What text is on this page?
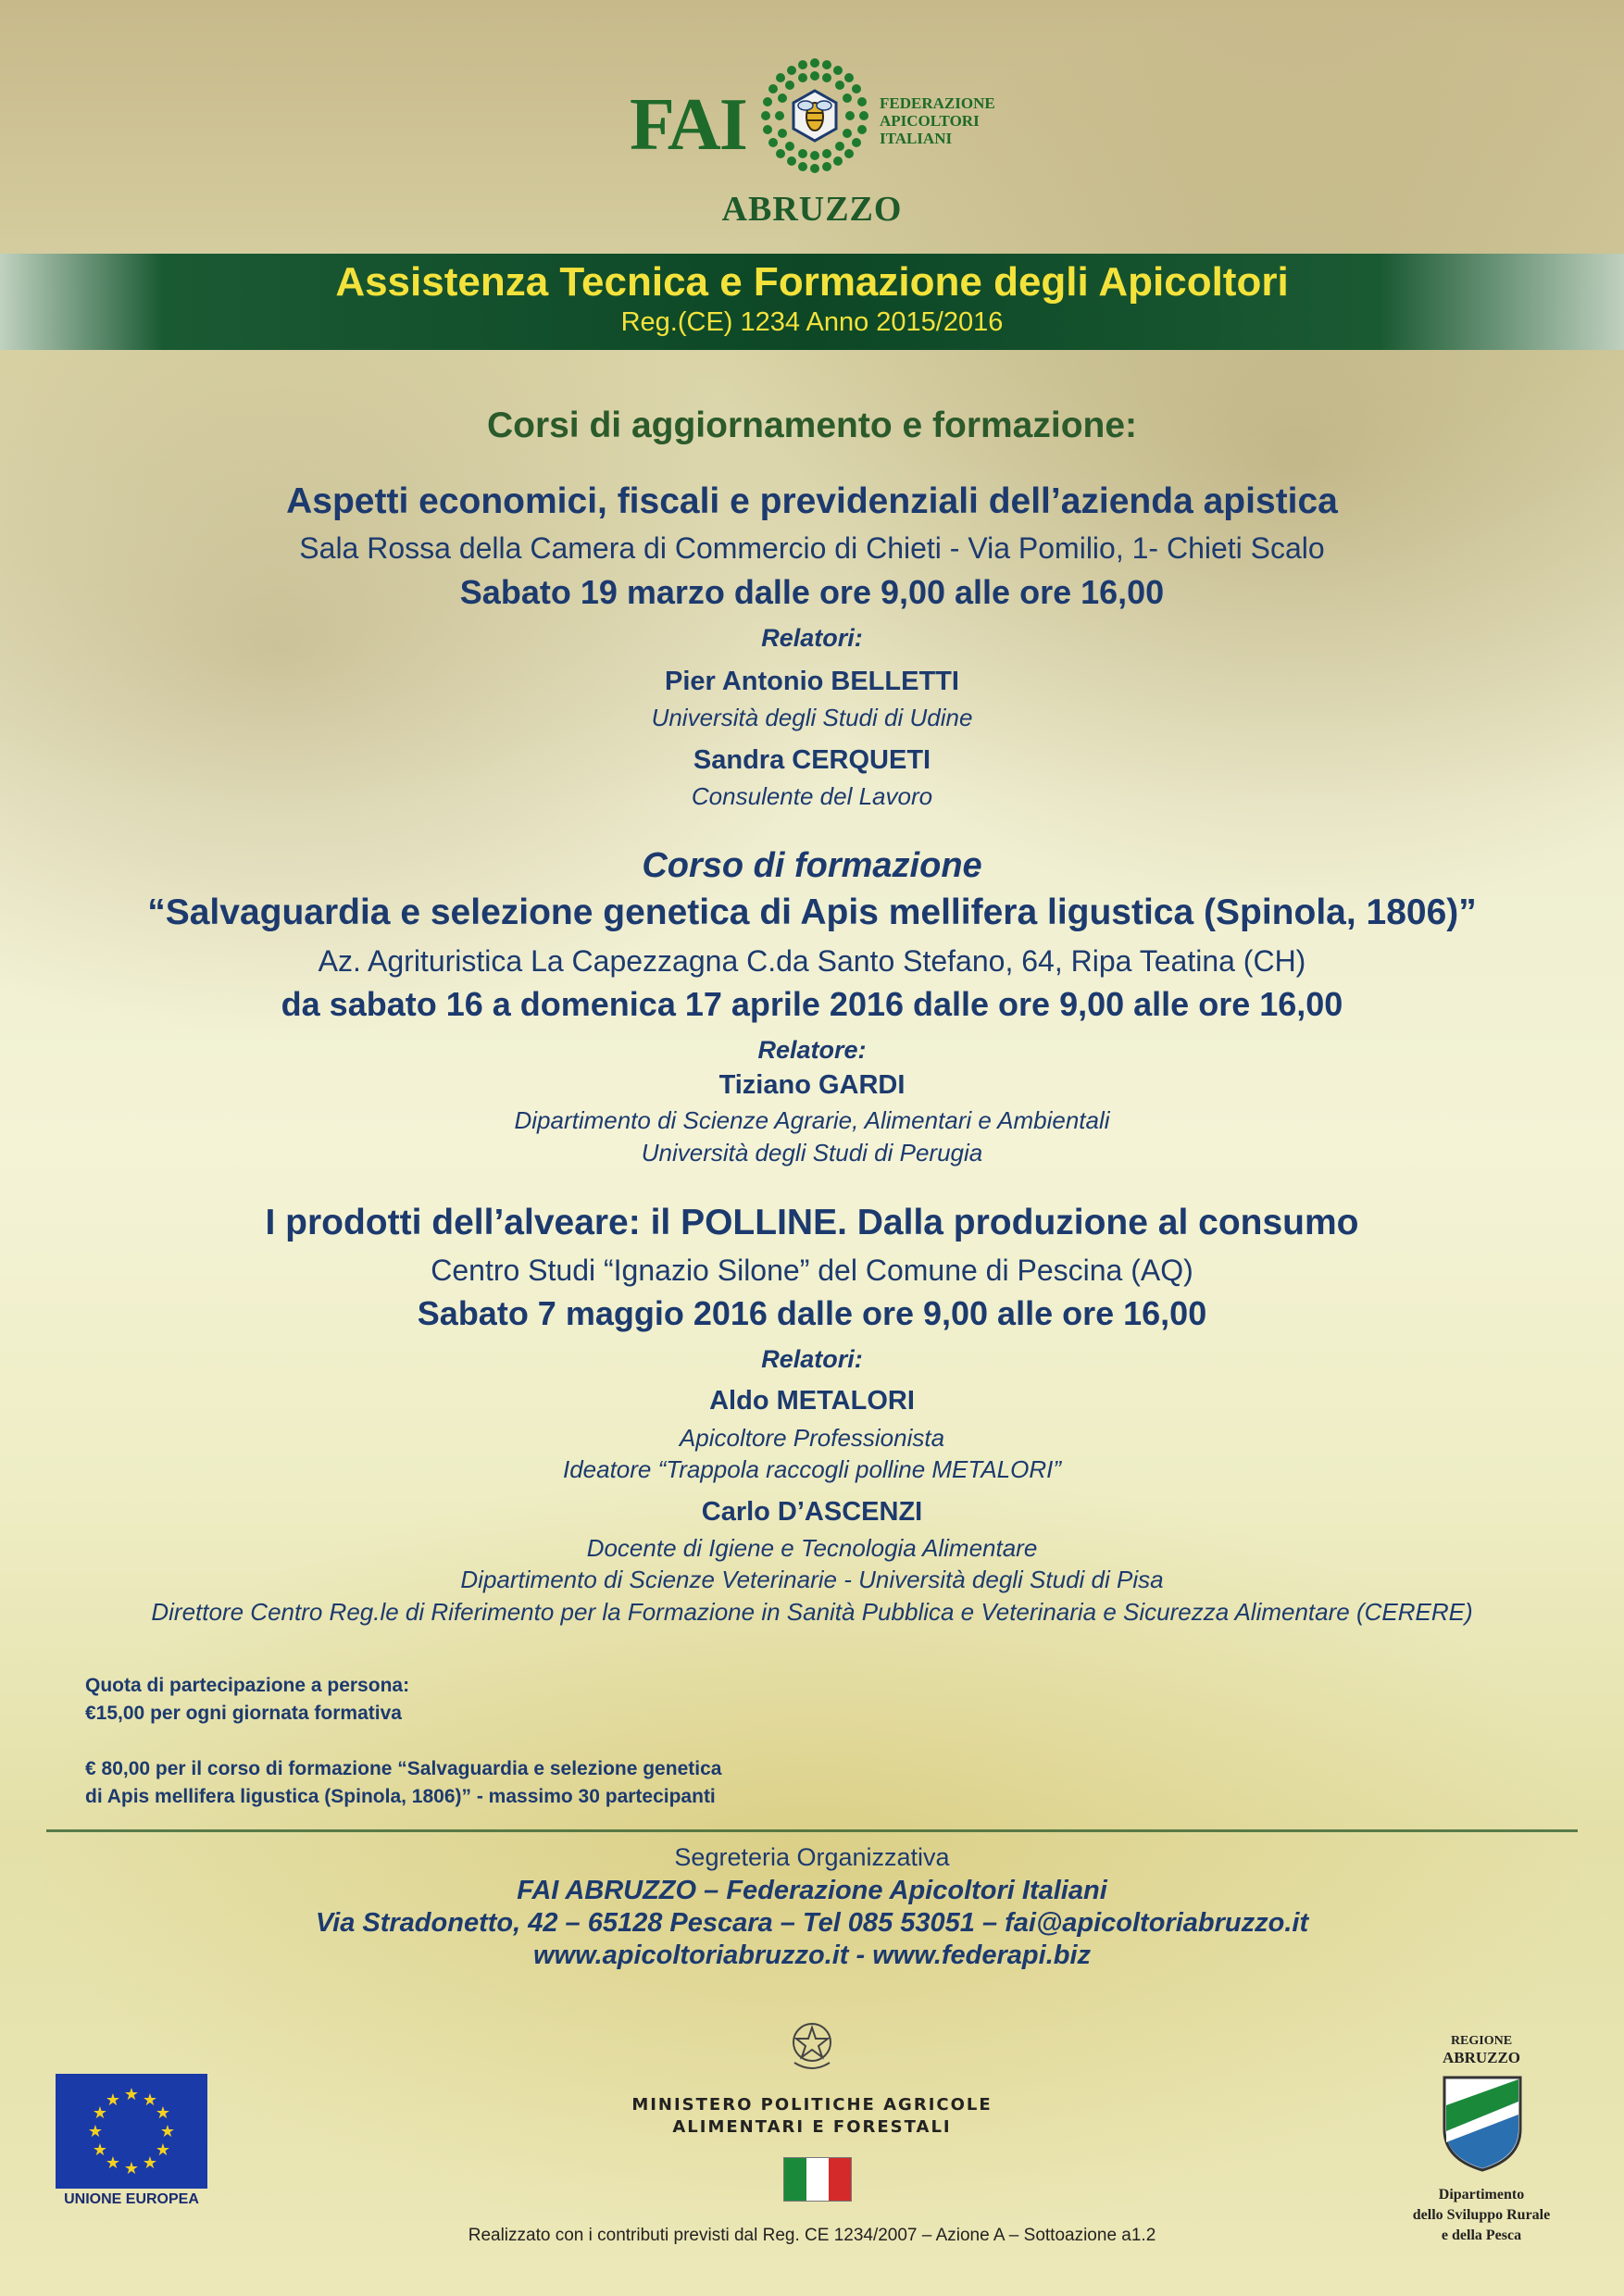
FAI	FEDERAZIONE
APICOLTORI
ITALIANI
ABRUZZO
Assistenza Tecnica e Formazione degli Apicoltori
Reg.(CE) 1234 Anno 2015/2016
Corsi di aggiornamento e formazione:
Aspetti economici, fiscali e previdenziali dell’azienda apistica
Sala Rossa della Camera di Commercio di Chieti - Via Pomilio, 1- Chieti Scalo
Sabato 19 marzo dalle ore 9,00 alle ore 16,00
Relatori:
Pier Antonio BELLETTI
Università degli Studi di Udine
Sandra CERQUETI
Consulente del Lavoro
Corso di formazione
“Salvaguardia e selezione genetica di Apis mellifera ligustica (Spinola, 1806)”
Az. Agrituristica La Capezzagna C.da Santo Stefano, 64, Ripa Teatina (CH)
da sabato 16 a domenica 17 aprile 2016 dalle ore 9,00 alle ore 16,00
Relatore:
Tiziano GARDI
Dipartimento di Scienze Agrarie, Alimentari e Ambientali
Università degli Studi di Perugia
I prodotti dell’alveare: il POLLINE. Dalla produzione al consumo
Centro Studi “Ignazio Silone” del Comune di Pescina (AQ)
Sabato 7 maggio 2016 dalle ore 9,00 alle ore 16,00
Relatori:
Aldo METALORI
Apicoltore Professionista
Ideatore “Trappola raccogli polline METALORI”
Carlo D’ASCENZI
Docente di Igiene e Tecnologia Alimentare
Dipartimento di Scienze Veterinarie - Università degli Studi di Pisa
Direttore Centro Reg.le di Riferimento per la Formazione in Sanità Pubblica e Veterinaria e Sicurezza Alimentare (CERERE)
Quota di partecipazione a persona:
€15,00 per ogni giornata formativa
€ 80,00 per il corso di formazione “Salvaguardia e selezione genetica
di Apis mellifera ligustica (Spinola, 1806)” - massimo 30 partecipanti
Segreteria Organizzativa
FAI ABRUZZO – Federazione Apicoltori Italiani
Via Stradonetto, 42 – 65128 Pescara – Tel 085 53051 – fai@apicoltoriabruzzo.it
www.apicoltoriabruzzo.it - www.federapi.biz
★ ★
★
★
★
★
★
★
★
★
★
★
UNIONE EUROPEA
MINISTERO POLITICHE AGRICOLE
ALIMENTARI E FORESTALI
Realizzato con i contributi previsti dal Reg. CE 1234/2007 – Azione A – Sottoazione a1.2
REGIONE
ABRUZZO
Dipartimento
dello Sviluppo Rurale
e della Pesca
